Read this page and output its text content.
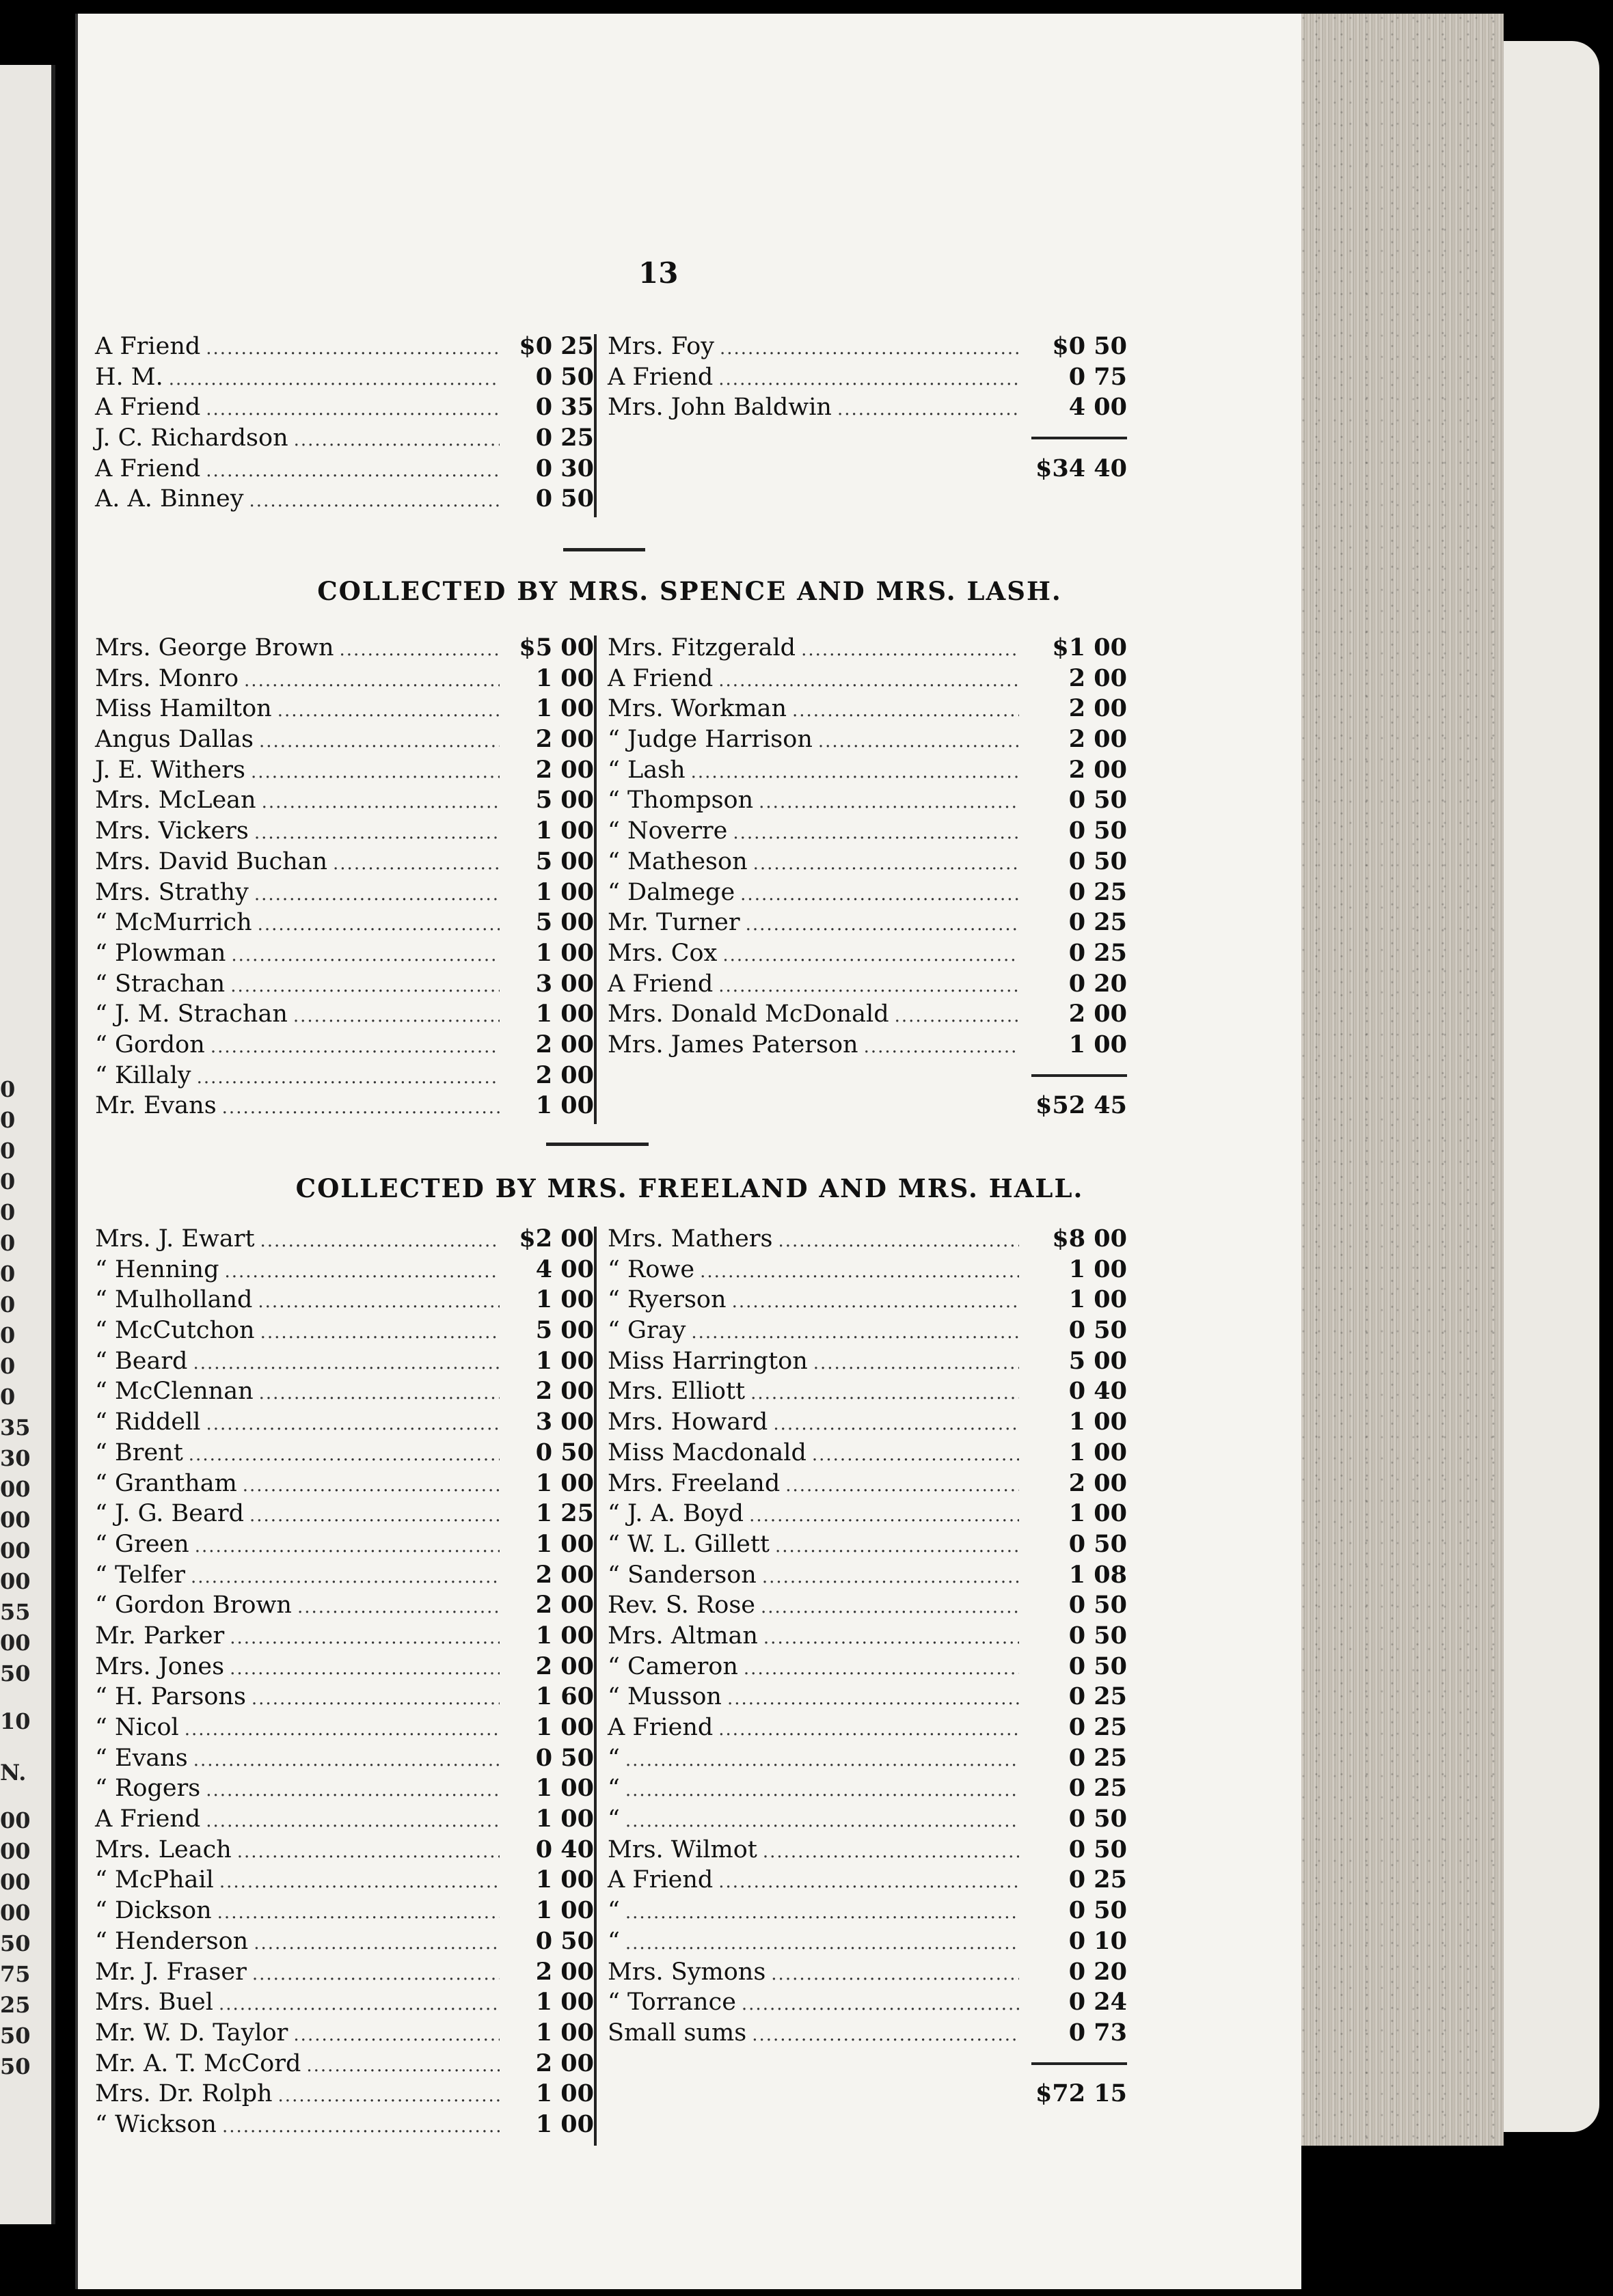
0
0
0
0
0
0
0
0
0
0
0
35
30
00
00
00
00
55
00
50
10
N.
00
00
00
00
50
75
25
50
50
13
A Friend .....	$0 25
H. M. .....	0 50
A Friend .....	0 35
J. C. Richardson .....	0 25
A Friend .....	0 30
A. A. Binney .....	0 50
Mrs. Foy .....	$0 50
A Friend .....	0 75
Mrs. John Baldwin .....	4 00
$34 40
COLLECTED BY MRS. SPENCE AND MRS. LASH.
Mrs. George Brown .....	$5 00
Mrs. Monro .....	1 00
Miss Hamilton .....	1 00
Angus Dallas .....	2 00
J. E. Withers .....	2 00
Mrs. McLean .....	5 00
Mrs. Vickers .....	1 00
Mrs. David Buchan .....	5 00
Mrs. Strathy .....	1 00
“ McMurrich .....	5 00
“ Plowman .....	1 00
“ Strachan .....	3 00
“ J. M. Strachan .....	1 00
“ Gordon .....	2 00
“ Killaly .....	2 00
Mr. Evans .....	1 00
Mrs. Fitzgerald .....	$1 00
A Friend .....	2 00
Mrs. Workman .....	2 00
“ Judge Harrison .....	2 00
“ Lash .....	2 00
“ Thompson .....	0 50
“ Noverre .....	0 50
“ Matheson .....	0 50
“ Dalmege .....	0 25
Mr. Turner .....	0 25
Mrs. Cox .....	0 25
A Friend .....	0 20
Mrs. Donald McDonald .....	2 00
Mrs. James Paterson .....	1 00
$52 45
COLLECTED BY MRS. FREELAND AND MRS. HALL.
Mrs. J. Ewart .....	$2 00
“ Henning .....	4 00
“ Mulholland .....	1 00
“ McCutchon .....	5 00
“ Beard .....	1 00
“ McClennan .....	2 00
“ Riddell .....	3 00
“ Brent .....	0 50
“ Grantham .....	1 00
“ J. G. Beard .....	1 25
“ Green .....	1 00
“ Telfer .....	2 00
“ Gordon Brown .....	2 00
Mr. Parker .....	1 00
Mrs. Jones .....	2 00
“ H. Parsons .....	1 60
“ Nicol .....	1 00
“ Evans .....	0 50
“ Rogers .....	1 00
A Friend .....	1 00
Mrs. Leach .....	0 40
“ McPhail .....	1 00
“ Dickson .....	1 00
“ Henderson .....	0 50
Mr. J. Fraser .....	2 00
Mrs. Buel .....	1 00
Mr. W. D. Taylor .....	1 00
Mr. A. T. McCord .....	2 00
Mrs. Dr. Rolph .....	1 00
“ Wickson .....	1 00
Mrs. Mathers .....	$8 00
“ Rowe .....	1 00
“ Ryerson .....	1 00
“ Gray .....	0 50
Miss Harrington .....	5 00
Mrs. Elliott .....	0 40
Mrs. Howard .....	1 00
Miss Macdonald .....	1 00
Mrs. Freeland .....	2 00
“ J. A. Boyd .....	1 00
“ W. L. Gillett .....	0 50
“ Sanderson .....	1 08
Rev. S. Rose .....	0 50
Mrs. Altman .....	0 50
“ Cameron .....	0 50
“ Musson .....	0 25
A Friend .....	0 25
“ .....	0 25
“ .....	0 25
“ .....	0 50
Mrs. Wilmot .....	0 50
A Friend .....	0 25
“ .....	0 50
“ .....	0 10
Mrs. Symons .....	0 20
“ Torrance .....	0 24
Small sums .....	0 73
$72 15
